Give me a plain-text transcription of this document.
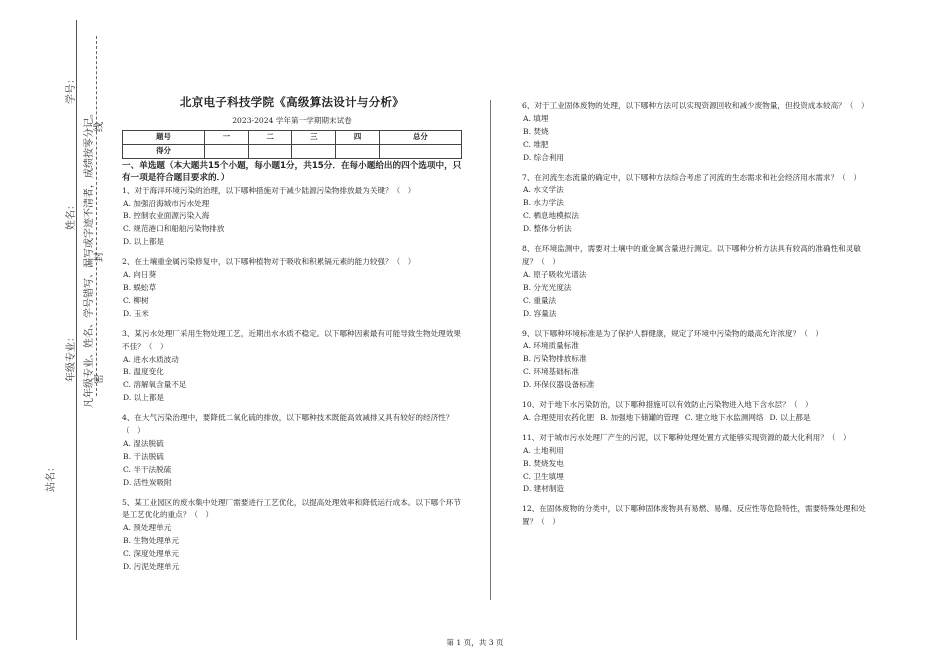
学号：
凡年级专业、姓名、学号错写、漏写或字迹不清者，成绩按零分记。 线
姓名：
封
年级专业：	密
站名：
北京电子科技学院《高级算法设计与分析》
2023-2024 学年第一学期期末试卷
题号	一	二	三	四	总分
得分					
一、单选题（本大题共15个小题，每小题1分，共15分．在每小题给出的四个选项中，只有一项是符合题目要求的．）
1、对于海洋环境污染的治理，以下哪种措施对于减少陆源污染物排放最为关键？（　）
A. 加强沿海城市污水处理
B. 控制农业面源污染入海
C. 规范港口和船舶污染物排放
D. 以上都是
2、在土壤重金属污染修复中，以下哪种植物对于吸收和积累镉元素的能力较强？（　）
A. 向日葵
B. 蜈蚣草
C. 柳树
D. 玉米
3、某污水处理厂采用生物处理工艺，近期出水水质不稳定。以下哪种因素最有可能导致生物处理效果不佳？（　）
A. 进水水质波动
B. 温度变化
C. 溶解氧含量不足
D. 以上都是
4、在大气污染治理中，要降低二氧化硫的排放，以下哪种技术既能高效减排又具有较好的经济性？（　）
A. 湿法脱硫
B. 干法脱硫
C. 半干法脱硫
D. 活性炭吸附
5、某工业园区的废水集中处理厂需要进行工艺优化，以提高处理效率和降低运行成本。以下哪个环节是工艺优化的重点？（　）
A. 预处理单元
B. 生物处理单元
C. 深度处理单元
D. 污泥处理单元
6、对于工业固体废物的处理，以下哪种方法可以实现资源回收和减少废物量，但投资成本较高？（　）
A. 填埋
B. 焚烧
C. 堆肥
D. 综合利用
7、在河流生态流量的确定中，以下哪种方法综合考虑了河流的生态需求和社会经济用水需求？（　）
A. 水文学法
B. 水力学法
C. 栖息地模拟法
D. 整体分析法
8、在环境监测中，需要对土壤中的重金属含量进行测定。以下哪种分析方法具有较高的准确性和灵敏度？（　）
A. 原子吸收光谱法
B. 分光光度法
C. 重量法
D. 容量法
9、以下哪种环境标准是为了保护人群健康，规定了环境中污染物的最高允许浓度？（　）
A. 环境质量标准
B. 污染物排放标准
C. 环境基础标准
D. 环保仪器设备标准
10、对于地下水污染防治，以下哪种措施可以有效防止污染物进入地下含水层？（　）
A. 合理使用农药化肥 B. 加强地下储罐的管理 C. 建立地下水监测网络 D. 以上都是
11、对于城市污水处理厂产生的污泥，以下哪种处理处置方式能够实现资源的最大化利用？（　）
A. 土地利用
B. 焚烧发电
C. 卫生填埋
D. 建材制造
12、在固体废物的分类中，以下哪种固体废物具有易燃、易爆、反应性等危险特性，需要特殊处理和处置？（　）
第 1 页，共 3 页
